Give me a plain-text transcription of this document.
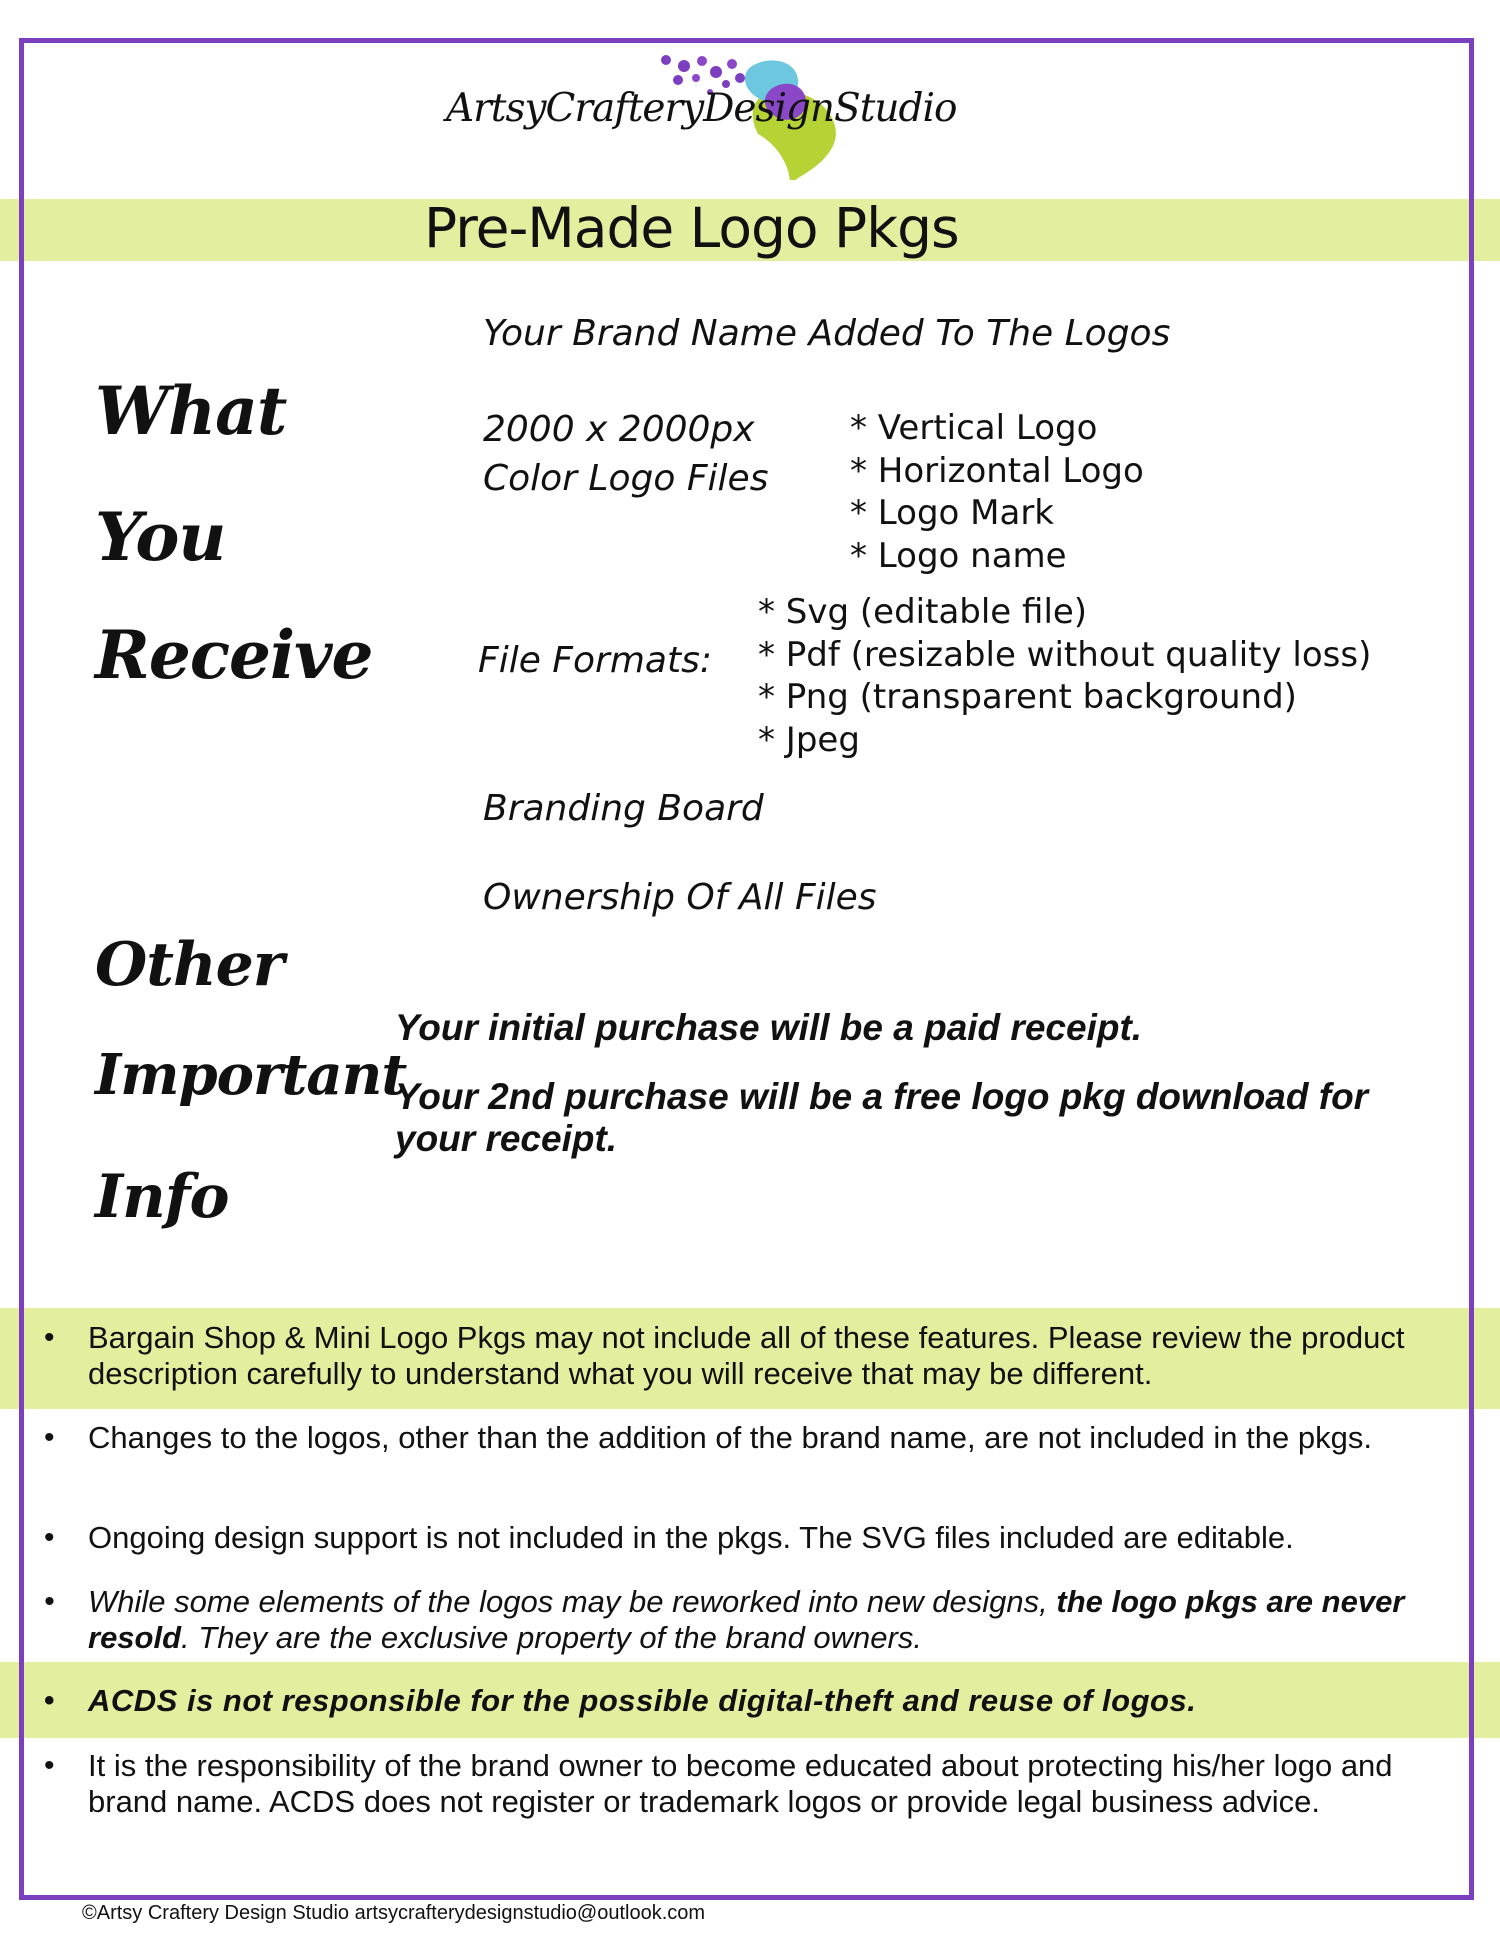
ArtsyCrafteryDesignStudio
Pre-Made Logo Pkgs
What
You
Receive
Other
Important
Info
Your Brand Name Added To The Logos
2000 x 2000px
Color Logo Files
* Vertical Logo
* Horizontal Logo
* Logo Mark
* Logo name
File Formats:
* Svg (editable file)
* Pdf (resizable without quality loss)
* Png (transparent background)
* Jpeg
Branding Board
Ownership Of All Files
Your initial purchase will be a paid receipt.
Your 2nd purchase will be a free logo pkg download for
your receipt.
• Bargain Shop & Mini Logo Pkgs may not include all of these features. Please review the product description carefully to understand what you will receive that may be different.
• Changes to the logos, other than the addition of the brand name, are not included in the pkgs.
• Ongoing design support is not included in the pkgs. The SVG files included are editable.
• While some elements of the logos may be reworked into new designs, the logo pkgs are never resold. They are the exclusive property of the brand owners.
• ACDS is not responsible for the possible digital-theft and reuse of logos.
• It is the responsibility of the brand owner to become educated about protecting his/her logo and brand name. ACDS does not register or trademark logos or provide legal business advice.
©Artsy Craftery Design Studio artsycrafterydesignstudio@outlook.com
